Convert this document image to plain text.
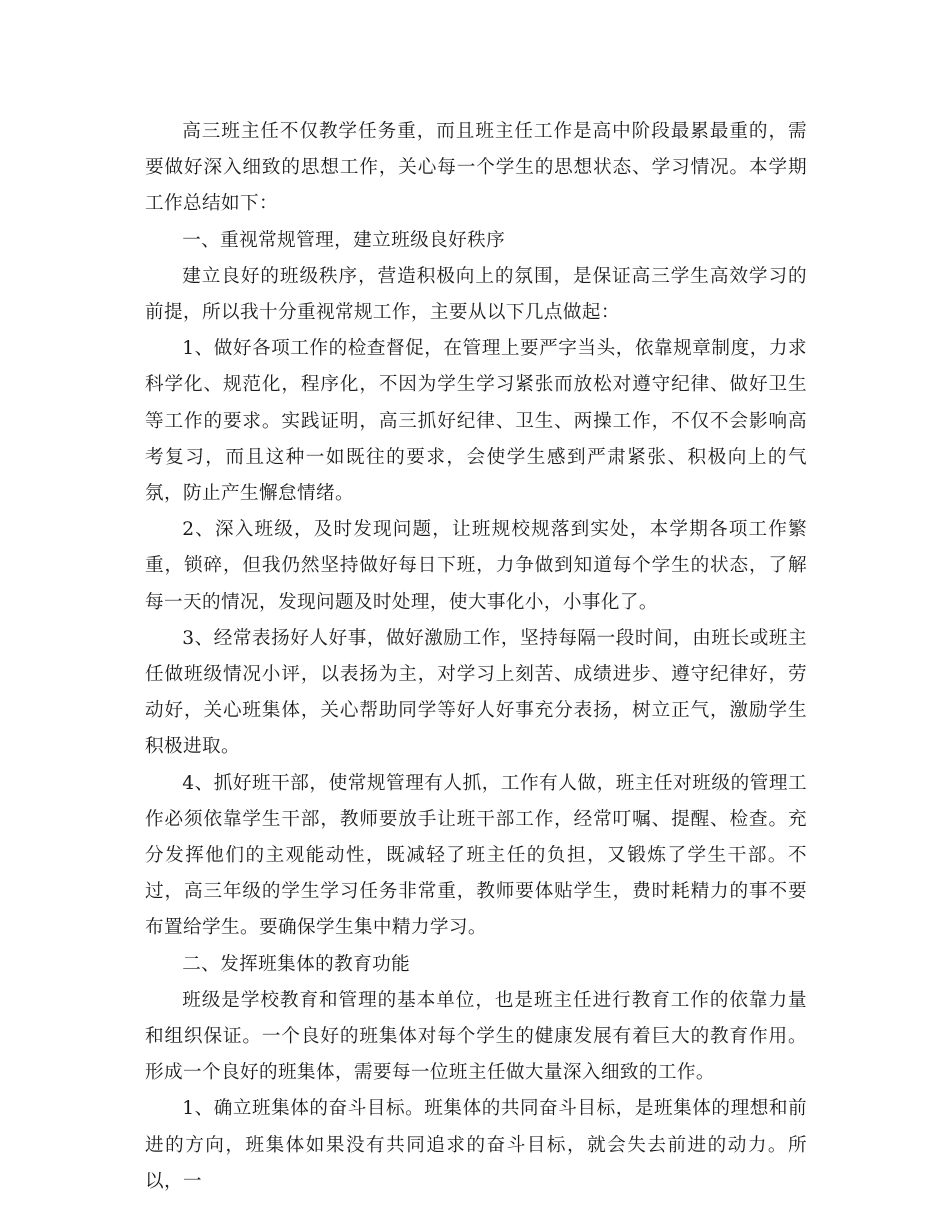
高三班主任不仅教学任务重，而且班主任工作是高中阶段最累最重的，需要做好深入细致的思想工作，关心每一个学生的思想状态、学习情况。本学期工作总结如下：

一、重视常规管理，建立班级良好秩序

建立良好的班级秩序，营造积极向上的氛围，是保证高三学生高效学习的前提，所以我十分重视常规工作，主要从以下几点做起：

1、做好各项工作的检查督促，在管理上要严字当头，依靠规章制度，力求科学化、规范化，程序化，不因为学生学习紧张而放松对遵守纪律、做好卫生等工作的要求。实践证明，高三抓好纪律、卫生、两操工作，不仅不会影响高考复习，而且这种一如既往的要求，会使学生感到严肃紧张、积极向上的气氛，防止产生懈怠情绪。

2、深入班级，及时发现问题，让班规校规落到实处，本学期各项工作繁重，锁碎，但我仍然坚持做好每日下班，力争做到知道每个学生的状态，了解每一天的情况，发现问题及时处理，使大事化小，小事化了。

3、经常表扬好人好事，做好激励工作，坚持每隔一段时间，由班长或班主任做班级情况小评，以表扬为主，对学习上刻苦、成绩进步、遵守纪律好，劳动好，关心班集体，关心帮助同学等好人好事充分表扬，树立正气，激励学生积极进取。

4、抓好班干部，使常规管理有人抓，工作有人做，班主任对班级的管理工作必须依靠学生干部，教师要放手让班干部工作，经常叮嘱、提醒、检查。充分发挥他们的主观能动性，既减轻了班主任的负担，又锻炼了学生干部。不过，高三年级的学生学习任务非常重，教师要体贴学生，费时耗精力的事不要布置给学生。要确保学生集中精力学习。

二、发挥班集体的教育功能

班级是学校教育和管理的基本单位，也是班主任进行教育工作的依靠力量和组织保证。一个良好的班集体对每个学生的健康发展有着巨大的教育作用。形成一个良好的班集体，需要每一位班主任做大量深入细致的工作。

1、确立班集体的奋斗目标。班集体的共同奋斗目标，是班集体的理想和前进的方向，班集体如果没有共同追求的奋斗目标，就会失去前进的动力。所以，一
